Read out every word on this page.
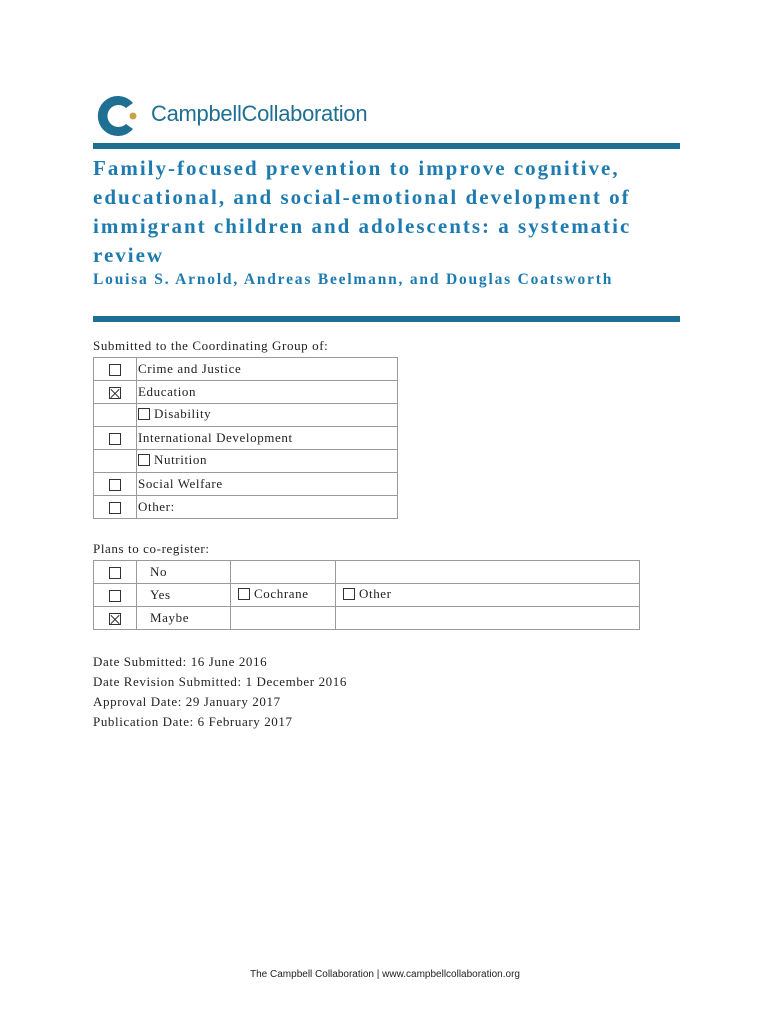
CampbellCollaboration
Family-focused prevention to improve cognitive, educational, and social-emotional development of immigrant children and adolescents: a systematic review

Louisa S. Arnold, Andreas Beelmann, and Douglas Coatsworth

Submitted to the Coordinating Group of:
	Crime and Justice
	Education

	Disability

	International Development

	Nutrition

	Social Welfare
	Other:
Plans to co-register:
	No		
	Yes	Cochrane	Other

	Maybe		
Date Submitted: 16 June 2016
Date Revision Submitted: 1 December 2016
Approval Date: 29 January 2017
Publication Date: 6 February 2017
The Campbell Collaboration | www.campbellcollaboration.org
